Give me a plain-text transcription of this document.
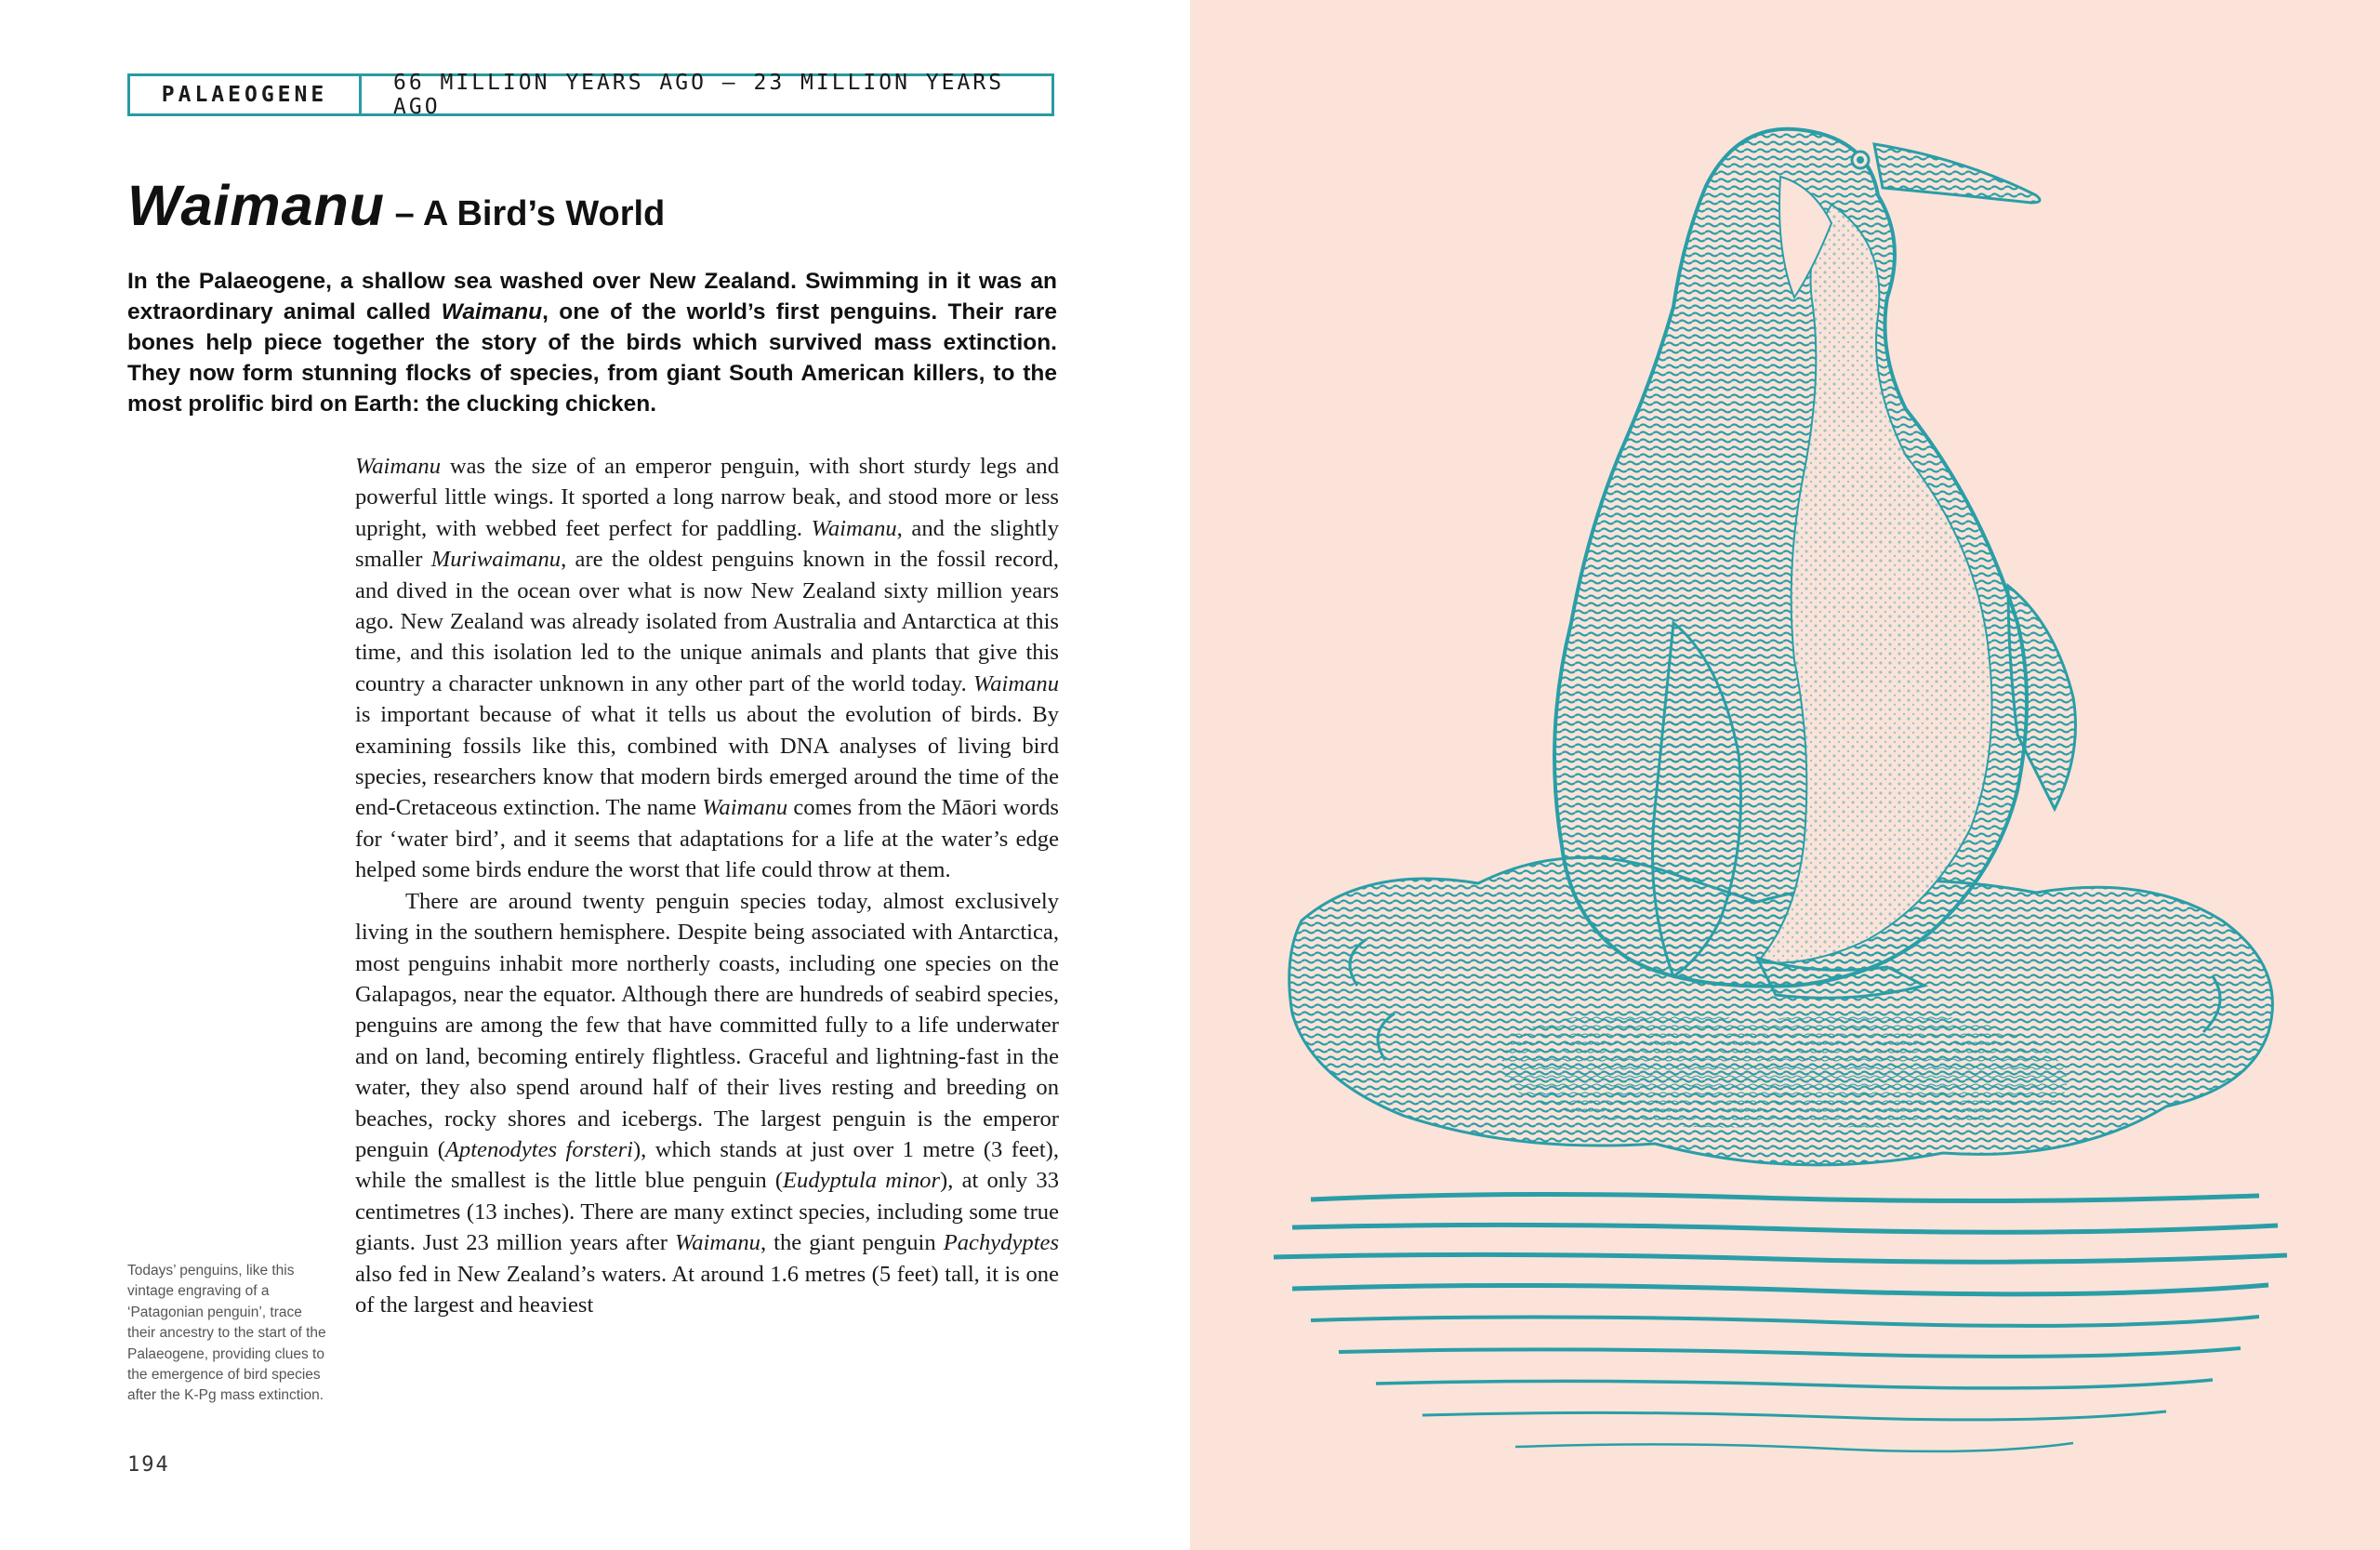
PALAEOGENE	66 MILLION YEARS AGO – 23 MILLION YEARS AGO
Waimanu – A Bird’s World

In the Palaeogene, a shallow sea washed over New Zealand. Swimming in it was an extraordinary animal called Waimanu, one of the world’s first penguins. Their rare bones help piece together the story of the birds which survived mass extinction. They now form stunning flocks of species, from giant South American killers, to the most prolific bird on Earth: the clucking chicken.

Waimanu was the size of an emperor penguin, with short sturdy legs and powerful little wings. It sported a long narrow beak, and stood more or less upright, with webbed feet perfect for paddling. Waimanu, and the slightly smaller Muriwaimanu, are the oldest penguins known in the fossil record, and dived in the ocean over what is now New Zealand sixty million years ago. New Zealand was already isolated from Australia and Antarctica at this time, and this isolation led to the unique animals and plants that give this country a character unknown in any other part of the world today. Waimanu is important because of what it tells us about the evolution of birds. By examining fossils like this, combined with DNA analyses of living bird species, researchers know that modern birds emerged around the time of the end-Cretaceous extinction. The name Waimanu comes from the Māori words for ‘water bird’, and it seems that adaptations for a life at the water’s edge helped some birds endure the worst that life could throw at them.

There are around twenty penguin species today, almost exclusively living in the southern hemisphere. Despite being associated with Antarctica, most penguins inhabit more northerly coasts, including one species on the Galapagos, near the equator. Although there are hundreds of seabird species, penguins are among the few that have committed fully to a life underwater and on land, becoming entirely flightless. Graceful and lightning-fast in the water, they also spend around half of their lives resting and breeding on beaches, rocky shores and icebergs. The largest penguin is the emperor penguin (Aptenodytes forsteri), which stands at just over 1 metre (3 feet), while the smallest is the little blue penguin (Eudyptula minor), at only 33 centimetres (13 inches). There are many extinct species, including some true giants. Just 23 million years after Waimanu, the giant penguin Pachydyptes also fed in New Zealand’s waters. At around 1.6 metres (5 feet) tall, it is one of the largest and heaviest

Todays’ penguins, like this vintage engraving of a ‘Patagonian penguin’, trace their ancestry to the start of the Palaeogene, providing clues to the emergence of bird species after the K-Pg mass extinction.

194
